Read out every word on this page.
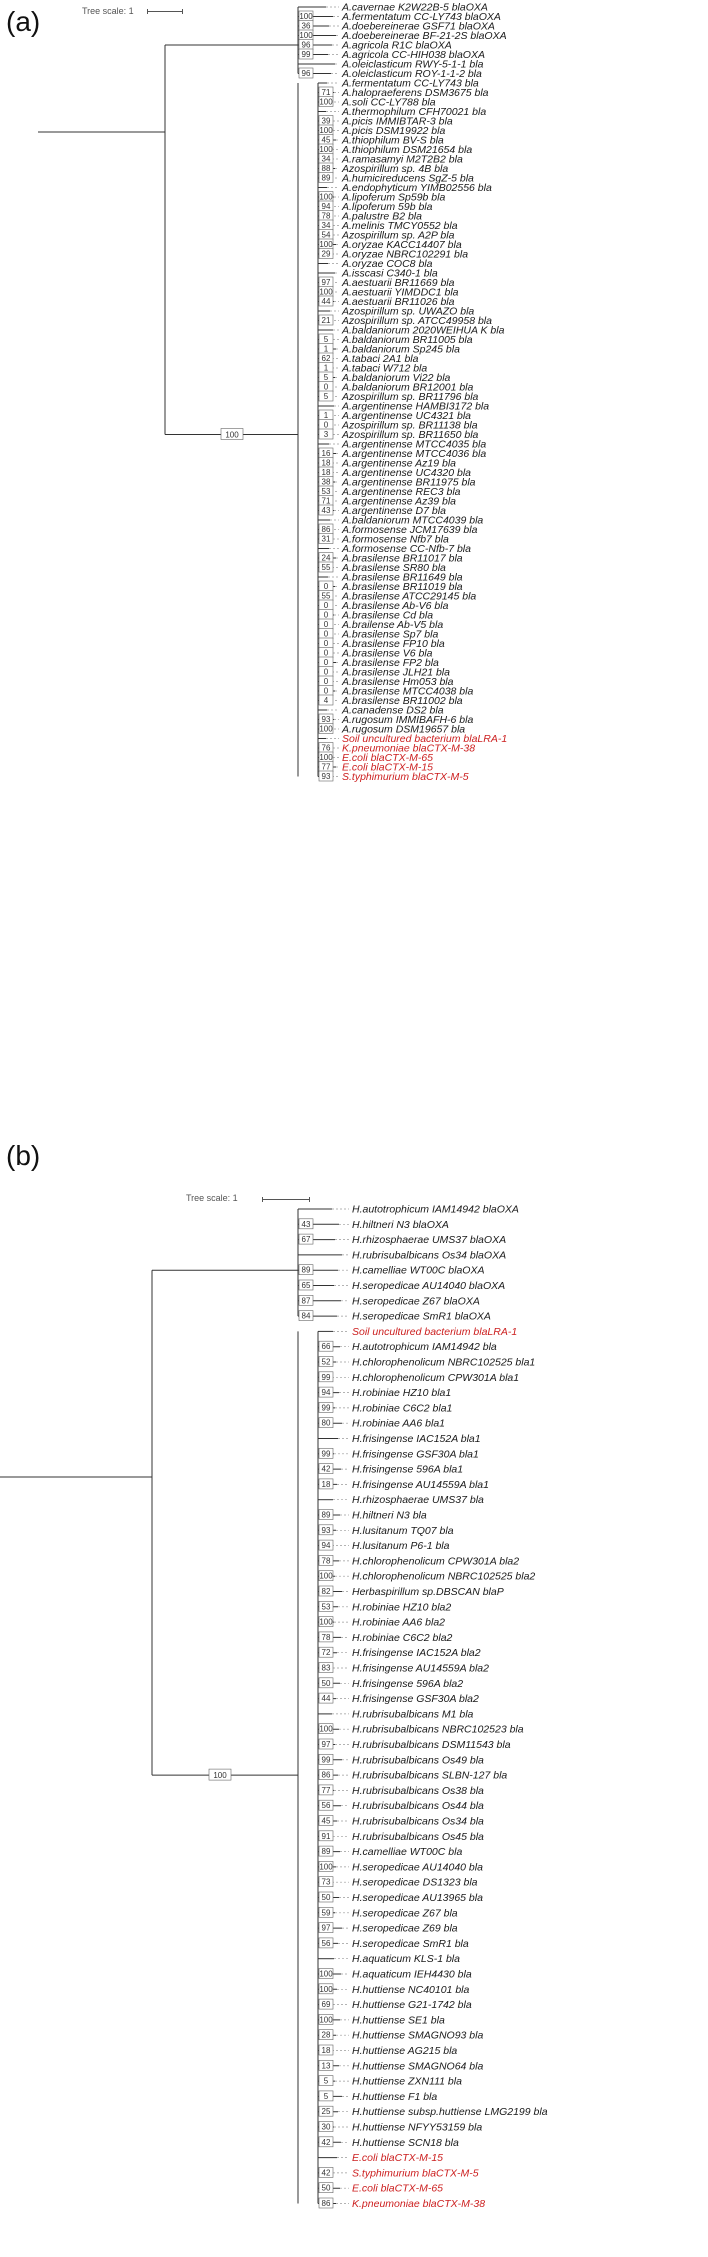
(a)	Tree scale: 1
100
A.cavernae K2W22B-5 blaOXA
A.fermentatum CC-LY743 blaOXA
100
A.doebereinerae GSF71 blaOXA
36
A.doebereinerae BF-21-2S blaOXA
100
A.agricola R1C blaOXA
96
A.agricola CC-HIH038 blaOXA
99
A.oleiclasticum RWY-5-1-1 bla
A.oleiclasticum ROY-1-1-2 bla
96
A.fermentatum CC-LY743 bla
A.halopraeferens DSM3675 bla
71
A.soli CC-LY788 bla
100
A.thermophilum CFH70021 bla
A.picis IMMIBTAR-3 bla
39
A.picis DSM19922 bla
100
A.thiophilum BV-S bla
45
A.thiophilum DSM21654 bla
100
A.ramasamyi M2T2B2 bla
34
Azospirillum sp. 4B bla
88
A.humicireducens SgZ-5 bla
89
A.endophyticum YIMB02556 bla
A.lipoferum Sp59b bla
100
A.lipoferum 59b bla
94
A.palustre B2 bla
78
A.melinis TMCY0552 bla
34
Azospirillum sp. A2P bla
54
A.oryzae KACC14407 bla
100
A.oryzae NBRC102291 bla
29
A.oryzae COC8 bla
A.isscasi C340-1 bla
A.aestuarii BR11669 bla
97
A.aestuarii YIMDDC1 bla
100
A.aestuarii BR11026 bla
44
Azospirillum sp. UWAZO bla
Azospirillum sp. ATCC49958 bla
21
A.baldaniorum 2020WEIHUA K bla
A.baldaniorum BR11005 bla
5
A.baldaniorum Sp245 bla
1
A.tabaci 2A1 bla
62
A.tabaci W712 bla
1
A.baldaniorum Vi22 bla
5
A.baldaniorum BR12001 bla
0
Azospirillum sp. BR11796 bla
5
A.argentinense HAMBI3172 bla
A.argentinense UC4321 bla
1
Azospirillum sp. BR11138 bla
0
Azospirillum sp. BR11650 bla
3
A.argentinense MTCC4035 bla
A.argentinense MTCC4036 bla
16
A.argentinense Az19 bla
18
A.argentinense UC4320 bla
18
A.argentinense BR11975 bla
38
A.argentinense REC3 bla
53
A.argentinense Az39 bla
71
A.argentinense D7 bla
43
A.baldaniorum MTCC4039 bla
A.formosense JCM17639 bla
86
A.formosense Nfb7 bla
31
A.formosense CC-Nfb-7 bla
A.brasilense BR11017 bla
24
A.brasilense SR80 bla
55
A.brasilense BR11649 bla
A.brasilense BR11019 bla
0
A.brasilense ATCC29145 bla
55
A.brasilense Ab-V6 bla
0
A.brasilense Cd bla
0
A.brailense Ab-V5 bla
0
A.brasilense Sp7 bla
0
A.brasilense FP10 bla
0
A.brasilense V6 bla
0
A.brasilense FP2 bla
0
A.brasilense JLH21 bla
0
A.brasilense Hm053 bla
0
A.brasilense MTCC4038 bla
0
A.brasilense BR11002 bla
4
A.canadense DS2 bla
A.rugosum IMMIBAFH-6 bla
93
A.rugosum DSM19657 bla
100
Soil uncultured bacterium blaLRA-1
K.pneumoniae blaCTX-M-38
76
E.coli blaCTX-M-65
100
E.coli blaCTX-M-15
77
S.typhimurium blaCTX-M-5
93
(b)
Tree scale: 1
100
H.autotrophicum IAM14942 blaOXA
H.hiltneri N3 blaOXA
43
H.rhizosphaerae UMS37 blaOXA
67
H.rubrisubalbicans Os34 blaOXA
H.camelliae WT00C blaOXA
89
H.seropedicae AU14040 blaOXA
65
H.seropedicae Z67 blaOXA
87
H.seropedicae SmR1 blaOXA
84
Soil uncultured bacterium blaLRA-1
H.autotrophicum IAM14942 bla
66
H.chlorophenolicum NBRC102525 bla1
52
H.chlorophenolicum CPW301A bla1
99
H.robiniae HZ10 bla1
94
H.robiniae C6C2 bla1
99
H.robiniae AA6 bla1
80
H.frisingense IAC152A bla1
H.frisingense GSF30A bla1
99
H.frisingense 596A bla1
42
H.frisingense AU14559A bla1
18
H.rhizosphaerae UMS37 bla
H.hiltneri N3 bla
89
H.lusitanum TQ07 bla
93
H.lusitanum P6-1 bla
94
H.chlorophenolicum CPW301A bla2
78
H.chlorophenolicum NBRC102525 bla2
100
Herbaspirillum sp.DBSCAN blaP
82
H.robiniae HZ10 bla2
53
H.robiniae AA6 bla2
100
H.robiniae C6C2 bla2
78
H.frisingense IAC152A bla2
72
H.frisingense AU14559A bla2
83
H.frisingense 596A bla2
50
H.frisingense GSF30A bla2
44
H.rubrisubalbicans M1 bla
H.rubrisubalbicans NBRC102523 bla
100
H.rubrisubalbicans DSM11543 bla
97
H.rubrisubalbicans Os49 bla
99
H.rubrisubalbicans SLBN-127 bla
86
H.rubrisubalbicans Os38 bla
77
H.rubrisubalbicans Os44 bla
56
H.rubrisubalbicans Os34 bla
45
H.rubrisubalbicans Os45 bla
91
H.camelliae WT00C bla
89
H.seropedicae AU14040 bla
100
H.seropedicae DS1323 bla
73
H.seropedicae AU13965 bla
50
H.seropedicae Z67 bla
59
H.seropedicae Z69 bla
97
H.seropedicae SmR1 bla
56
H.aquaticum KLS-1 bla
H.aquaticum IEH4430 bla
100
H.huttiense NC40101 bla
100
H.huttiense G21-1742 bla
69
H.huttiense SE1 bla
100
H.huttiense SMAGNO93 bla
28
H.huttiense AG215 bla
18
H.huttiense SMAGNO64 bla
13
H.huttiense ZXN111 bla
5
H.huttiense F1 bla
5
H.huttiense subsp.huttiense LMG2199 bla
25
H.huttiense NFYY53159 bla
30
H.huttiense SCN18 bla
42
E.coli blaCTX-M-15
S.typhimurium blaCTX-M-5
42
E.coli blaCTX-M-65
50
K.pneumoniae blaCTX-M-38
86
